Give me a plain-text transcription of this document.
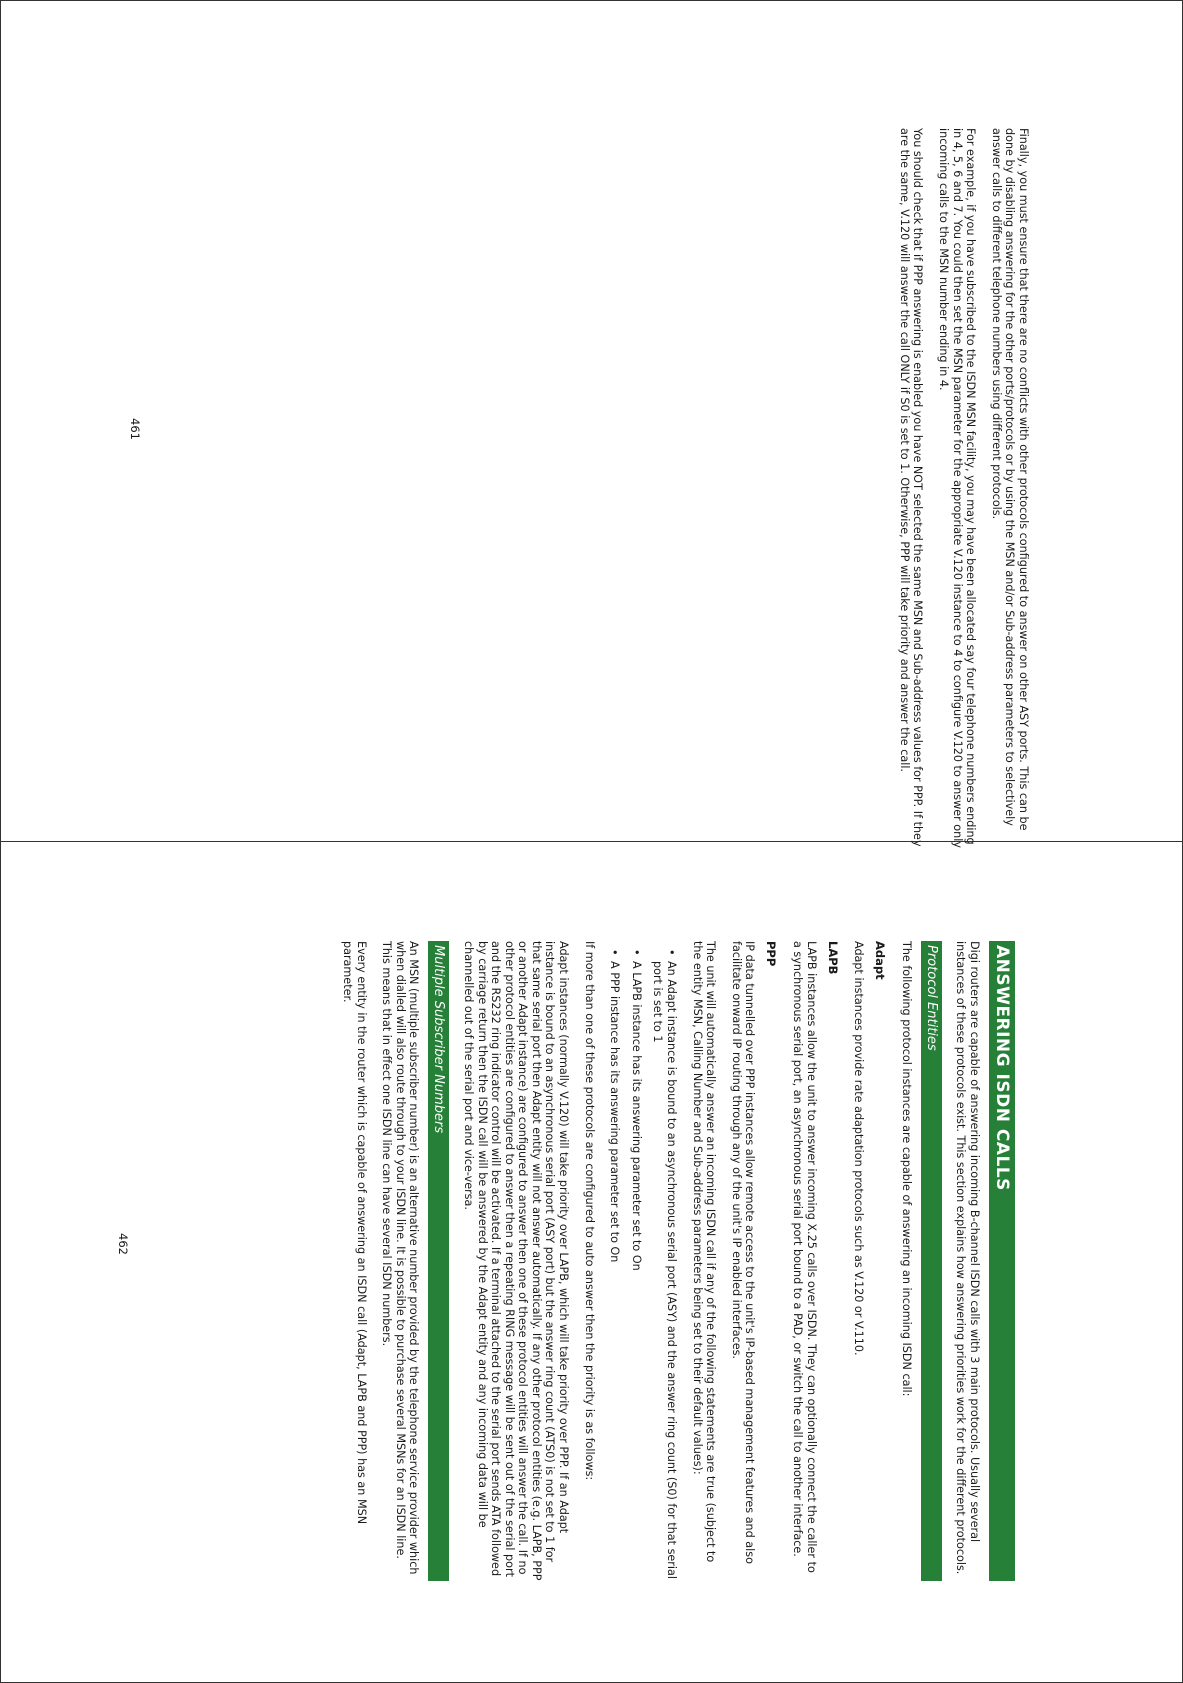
Finally, you must ensure that there are no conflicts with other protocols configured to answer on other ASY ports. This can be done by disabling answering for the other ports/protocols or by using the MSN and/or Sub-address parameters to selectively answer calls to different telephone numbers using different protocols.

For example, if you have subscribed to the ISDN MSN facility, you may have been allocated say four telephone numbers ending in 4, 5, 6 and 7. You could then set the MSN parameter for the appropriate V.120 instance to 4 to configure V.120 to answer only incoming calls to the MSN number ending in 4.

You should check that if PPP answering is enabled you have NOT selected the same MSN and Sub-address values for PPP. If they are the same, V.120 will answer the call ONLY if S0 is set to 1. Otherwise, PPP will take priority and answer the call.

461
ANSWERING ISDN CALLS

Digi routers are capable of answering incoming B-channel ISDN calls with 3 main protocols. Usually several instances of these protocols exist. This section explains how answering priorities work for the different protocols.

Protocol Entities

The following protocol instances are capable of answering an incoming ISDN call:

Adapt

Adapt instances provide rate adaptation protocols such as V.120 or V.110.

LAPB

LAPB instances allow the unit to answer incoming X.25 calls over ISDN. They can optionally connect the caller to a synchronous serial port, an asynchronous serial port bound to a PAD, or switch the call to another interface.

PPP

IP data tunnelled over PPP instances allow remote access to the unit's IP-based management features and also facilitate onward IP routing through any of the unit's IP enabled interfaces.

The unit will automatically answer an incoming ISDN call if any of the following statements are true (subject to the entity MSN, Calling Number and Sub-address parameters being set to their default values):

•
An Adapt instance is bound to an asynchronous serial port (ASY) and the answer ring count (S0) for that serial port is set to 1
•
A LAPB instance has its answering parameter set to On
•
A PPP instance has its answering parameter set to On

If more than one of these protocols are configured to auto answer then the priority is as follows:

Adapt instances (normally V.120) will take priority over LAPB, which will take priority over PPP. If an Adapt instance is bound to an asynchronous serial port (ASY port) but the answer ring count (ATS0) is not set to 1 for that same serial port then Adapt entity will not answer automatically. If any other protocol entities (e.g. LAPB, PPP or another Adapt instance) are configured to answer then one of these protocol entities will answer the call. If no other protocol entities are configured to answer then a repeating RING message will be sent out of the serial port and the RS232 ring indicator control will be activated. If a terminal attached to the serial port sends ATA followed by carriage return then the ISDN call will be answered by the Adapt entity and any incoming data will be channelled out of the serial port and vice-versa.

Multiple Subscriber Numbers

An MSN (multiple subscriber number) is an alternative number provided by the telephone service provider which when dialled will also route through to your ISDN line. It is possible to purchase several MSNs for an ISDN line. This means that in effect one ISDN line can have several ISDN numbers.

Every entity in the router which is capable of answering an ISDN call (Adapt, LAPB and PPP) has an MSN parameter.

462
